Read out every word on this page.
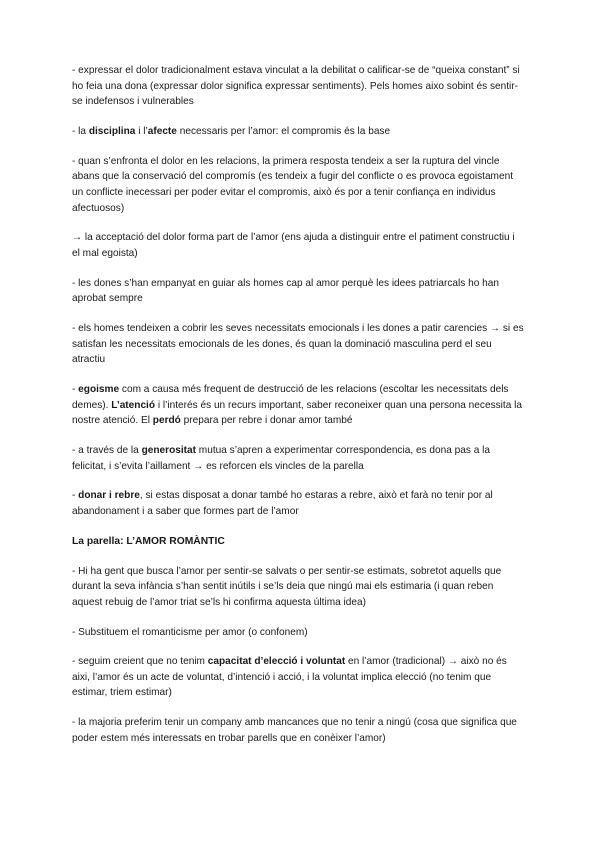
- expressar el dolor tradicionalment estava vinculat a la debilitat o calificar-se de “queixa constant” si ho feia una dona (expressar dolor significa expressar sentiments). Pels homes aixo sobint és sentir-se indefensos i vulnerables
- la disciplina i l’afecte necessaris per l’amor: el compromis és la base
- quan s’enfronta el dolor en les relacions, la primera resposta tendeix a ser la ruptura del vincle abans que la conservació del compromís (es tendeix a fugir del conflicte o es provoca egoistament un conflicte inecessari per poder evitar el compromis, això és por a tenir confiança en individus afectuosos)
→ la acceptació del dolor forma part de l’amor (ens ajuda a distinguir entre el patiment constructiu i el mal egoista)
- les dones s’han empanyat en guiar als homes cap al amor perquè les idees patriarcals ho han aprobat sempre
- els homes tendeixen a cobrir les seves necessitats emocionals i les dones a patir carencies → si es satisfan les necessitats emocionals de les dones, és quan la dominació masculina perd el seu atractiu
- egoisme com a causa més frequent de destrucció de les relacions (escoltar les necessitats dels demes). L’atenció i l’interés és un recurs important, saber reconeixer quan una persona necessita la nostre atenció. El perdó prepara per rebre i donar amor també
- a través de la generositat mutua s’apren a experimentar correspondencia, es dona pas a la felicitat, i s’evita l’aillament → es reforcen els vincles de la parella
- donar i rebre, si estas disposat a donar també ho estaras a rebre, això et farà no tenir por al abandonament i a saber que formes part de l’amor
La parella: L’AMOR ROMÀNTIC
- Hi ha gent que busca l’amor per sentir-se salvats o per sentir-se estimats, sobretot aquells que durant la seva infància s’han sentit inútils i se’ls deia que ningú mai els estimaria (i quan reben aquest rebuig de l’amor triat se’ls hi confirma aquesta última idea)
- Substituem el romanticisme per amor (o confonem)
- seguim creient que no tenim capacitat d’elecció i voluntat en l’amor (tradicional) → això no és aixi, l’amor és un acte de voluntat, d’intenció i acció, i la voluntat implica elecció (no tenim que estimar, triem estimar)
- la majoria preferim tenir un company amb mancances que no tenir a ningú (cosa que significa que poder estem més interessats en trobar parells que en conèixer l’amor)
